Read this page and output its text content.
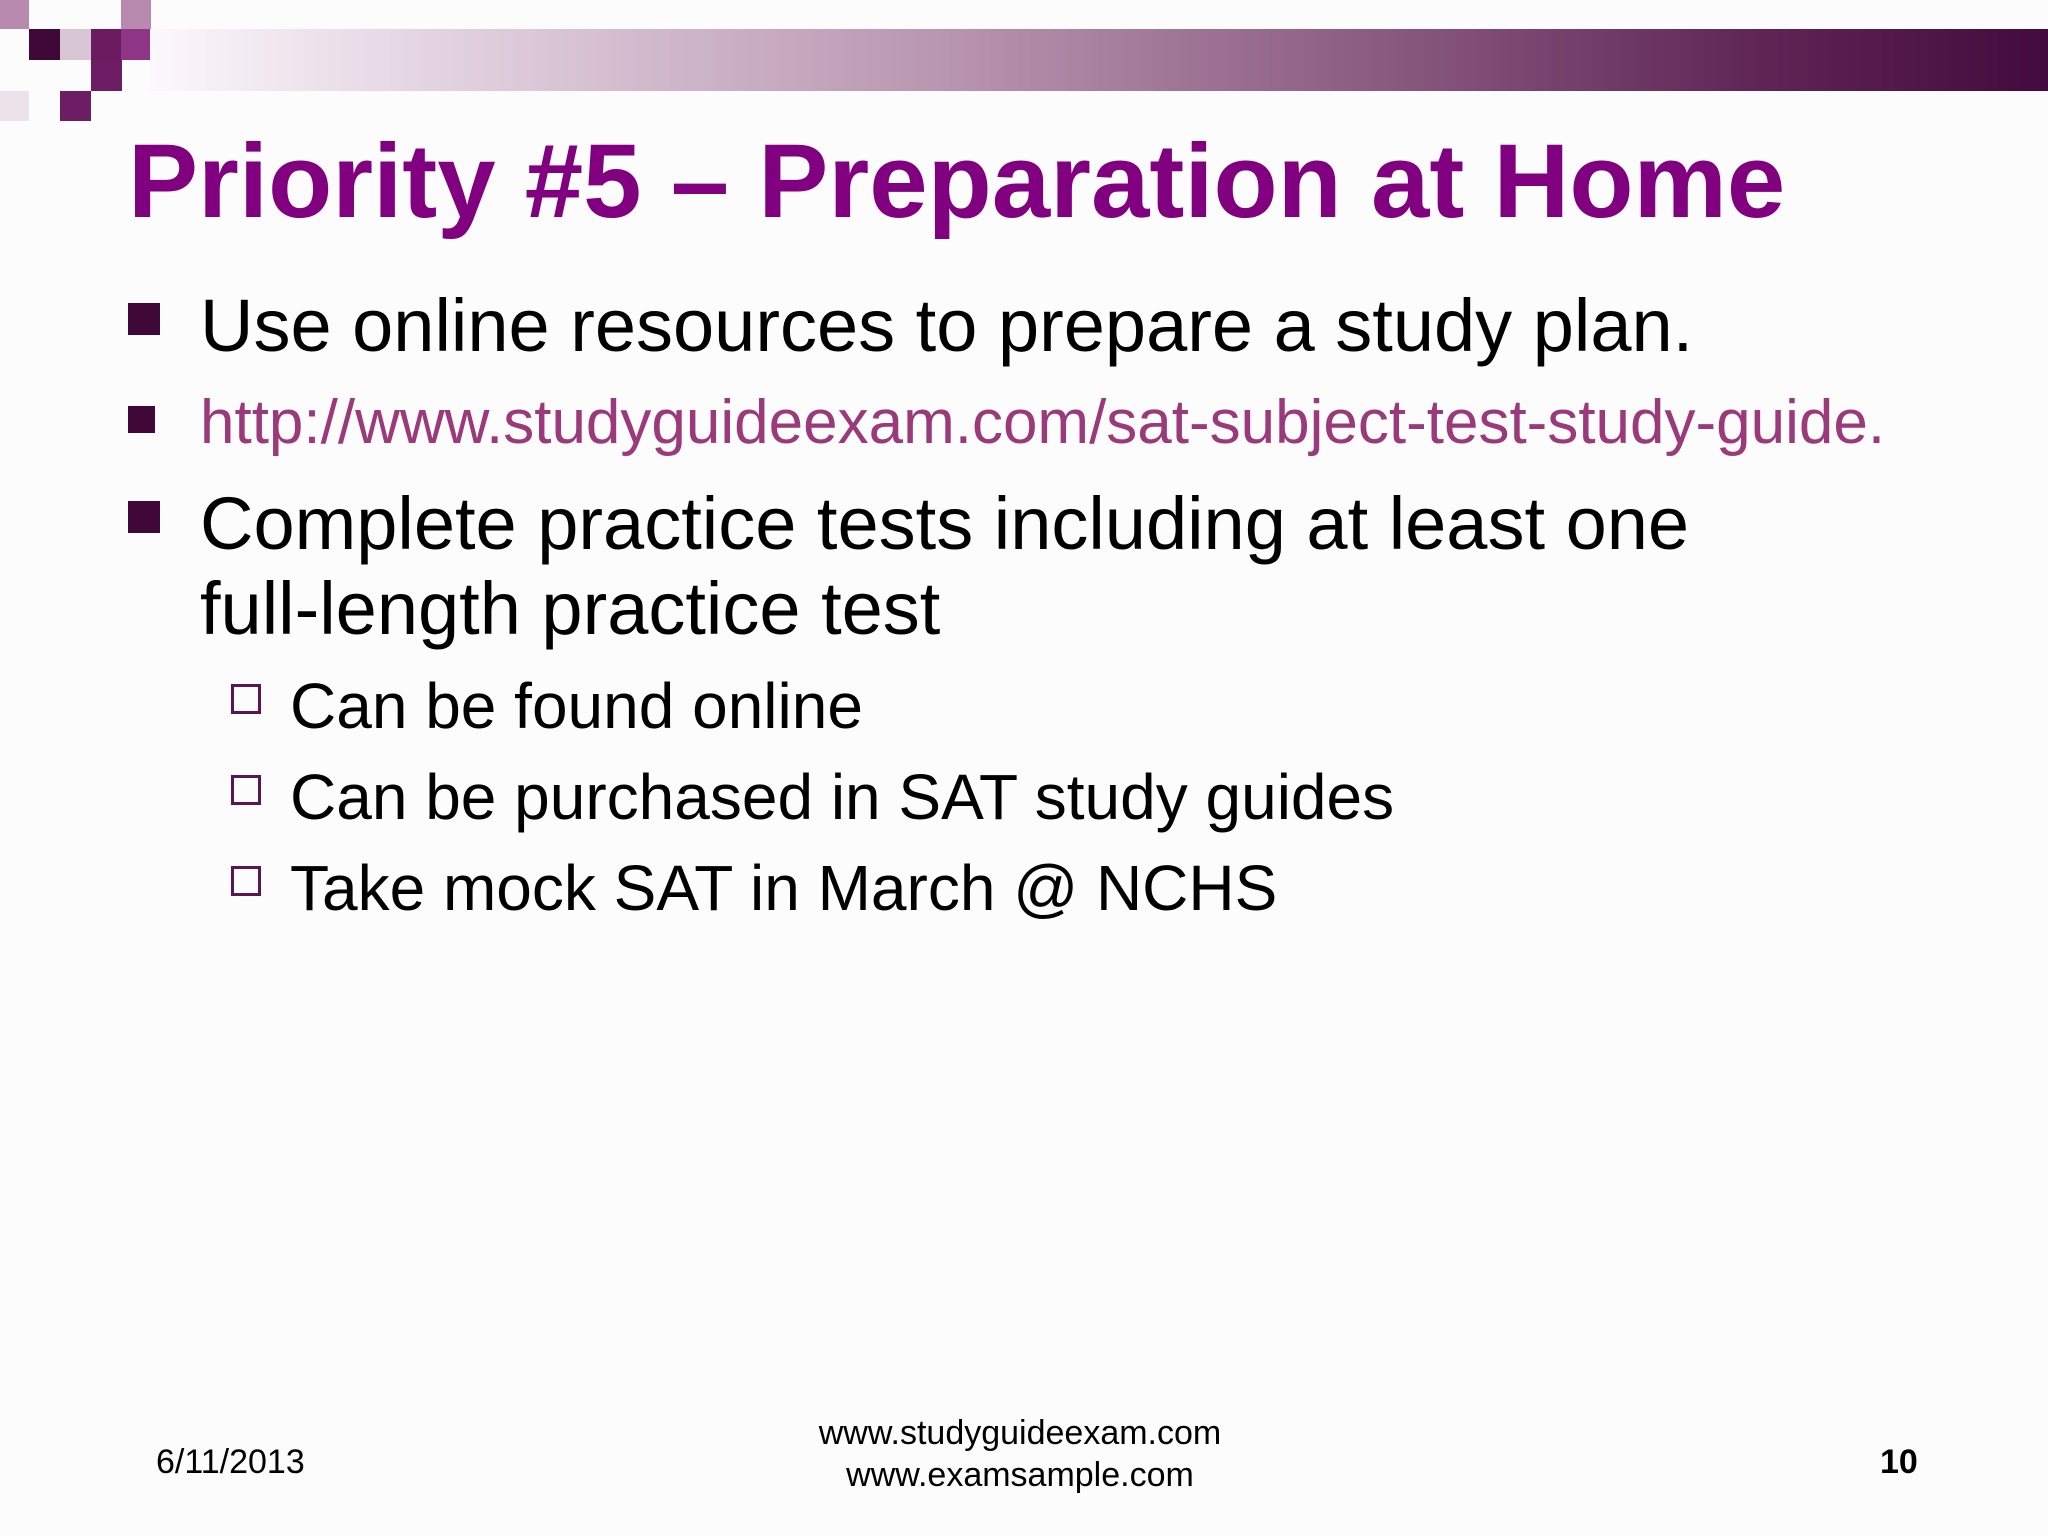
Priority #5 – Preparation at Home
Use online resources to prepare a study plan.
http://www.studyguideexam.com/sat-subject-test-study-guide.
Complete practice tests including at least one
full-length practice test
Can be found online
Can be purchased in SAT study guides
Take mock SAT in March @ NCHS
6/11/2013
www.studyguideexam.com
www.examsample.com	10
